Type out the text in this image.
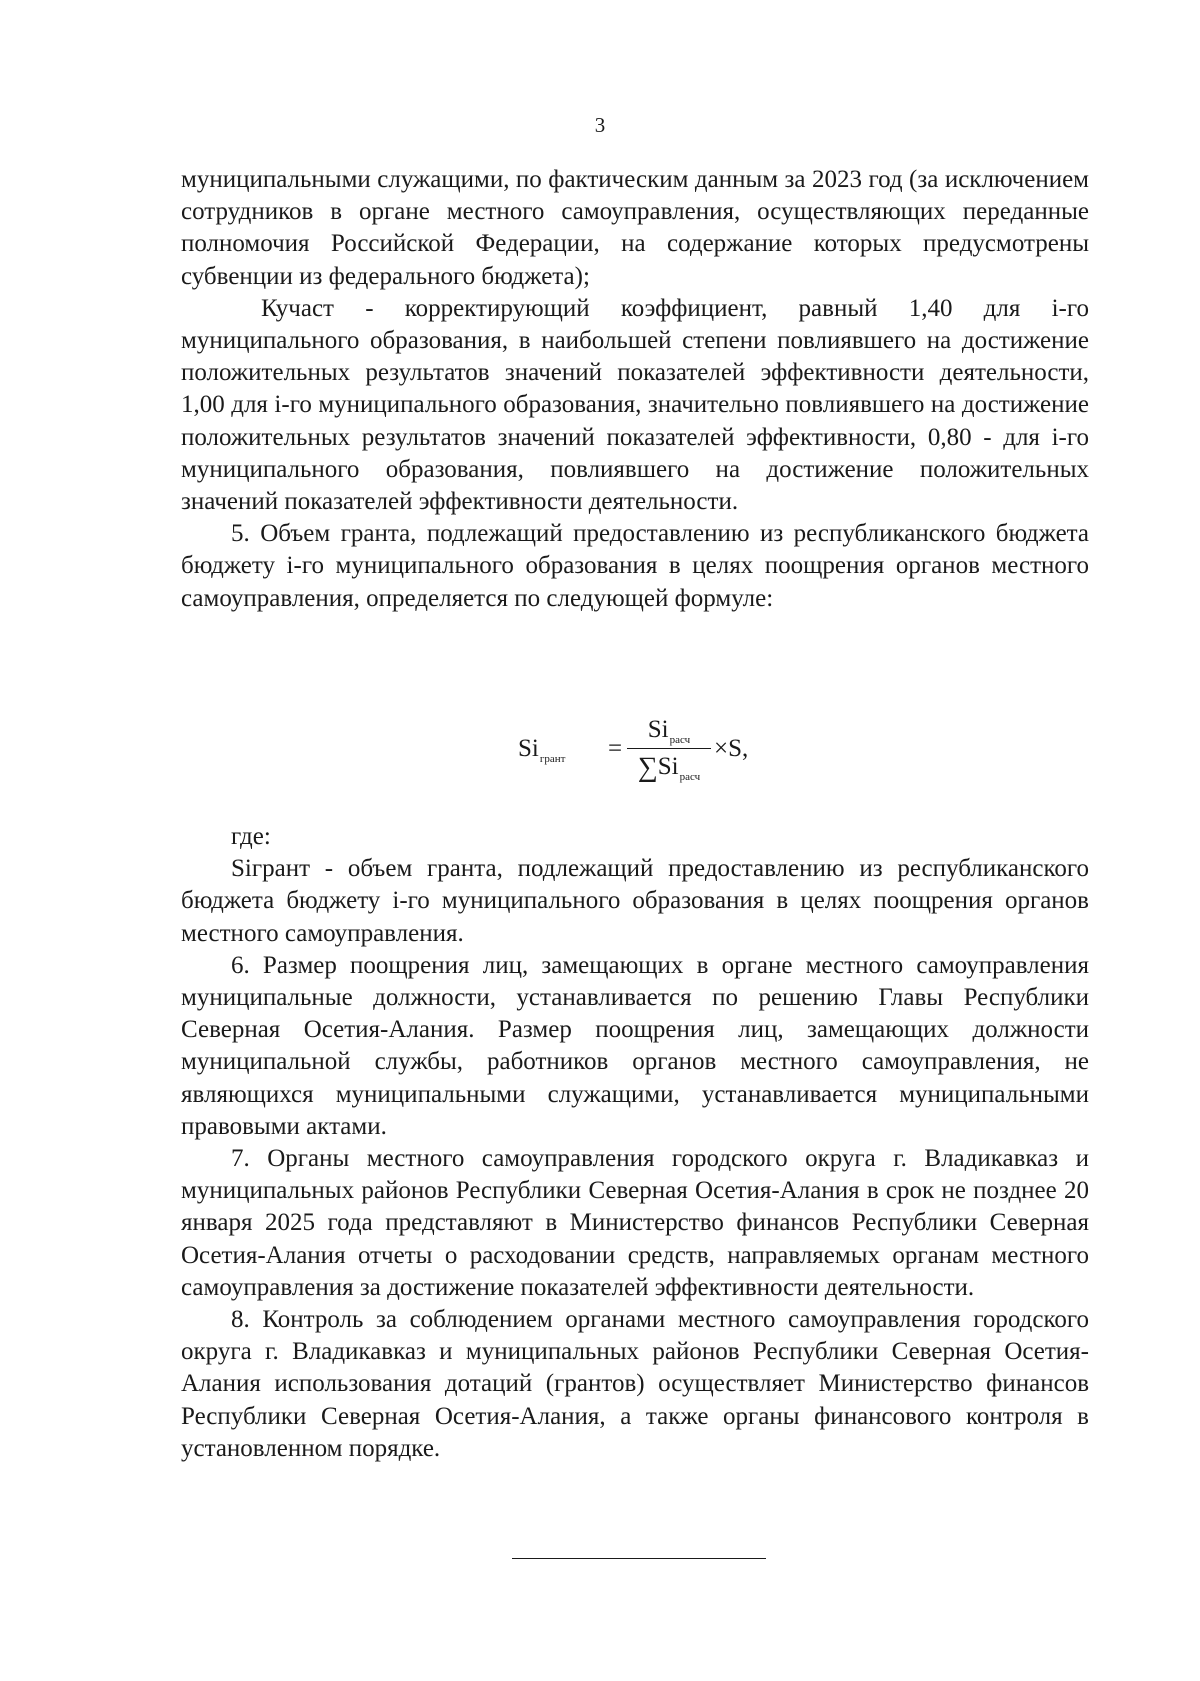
3

муниципальными служащими, по фактическим данным за 2023 год (за исключением сотрудников в органе местного самоуправления, осуществляющих переданные полномочия Российской Федерации, на содержание которых предусмотрены субвенции из федерального бюджета);

Кучаст - корректирующий коэффициент, равный 1,40 для i-го муниципального образования, в наибольшей степени повлиявшего на достижение положительных результатов значений показателей эффективности деятельности, 1,00 для i-го муниципального образования, значительно повлиявшего на достижение положительных результатов значений показателей эффективности, 0,80 - для i-го муниципального образования, повлиявшего на достижение положительных значений показателей эффективности деятельности.

5. Объем гранта, подлежащий предоставлению из республиканского бюджета бюджету i-го муниципального образования в целях поощрения органов местного самоуправления, определяется по следующей формуле:

$Si_{грант}$ =
$Si_{расч}$
$\sum Si_{расч}$
×S,

где:

Siгрант - объем гранта, подлежащий предоставлению из республиканского бюджета бюджету i-го муниципального образования в целях поощрения органов местного самоуправления.

6. Размер поощрения лиц, замещающих в органе местного самоуправления муниципальные должности, устанавливается по решению Главы Республики Северная Осетия-Алания. Размер поощрения лиц, замещающих должности муниципальной службы, работников органов местного самоуправления, не являющихся муниципальными служащими, устанавливается муниципальными правовыми актами.

7. Органы местного самоуправления городского округа г. Владикавказ и муниципальных районов Республики Северная Осетия-Алания в срок не позднее 20 января 2025 года представляют в Министерство финансов Республики Северная Осетия-Алания отчеты о расходовании средств, направляемых органам местного самоуправления за достижение показателей эффективности деятельности.

8. Контроль за соблюдением органами местного самоуправления городского округа г. Владикавказ и муниципальных районов Республики Северная Осетия-Алания использования дотаций (грантов) осуществляет Министерство финансов Республики Северная Осетия-Алания, а также органы финансового контроля в установленном порядке.
